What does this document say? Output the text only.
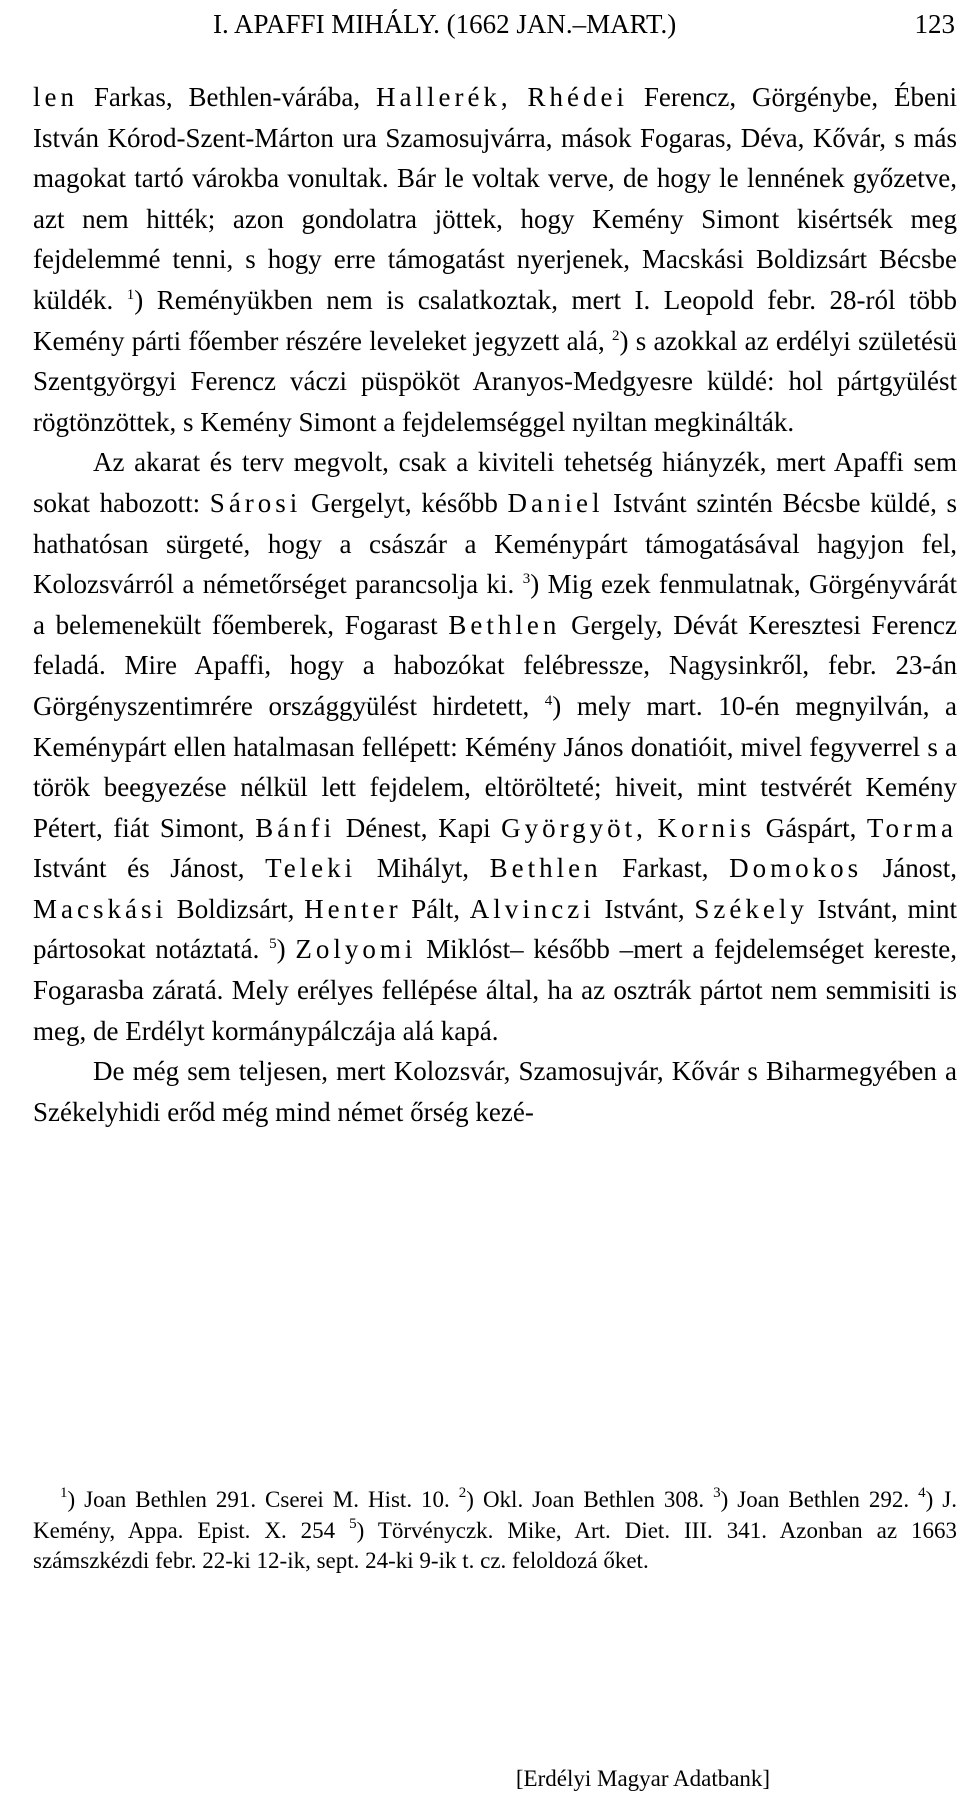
I. APAFFI MIHÁLY. (1662 JAN.–MART.)	123

len Farkas, Bethlen-várába, Hallerék, Rhédei Ferencz, Görgénybe, Ébeni István Kórod-Szent-Márton ura Szamosujvárra, mások Fogaras, Déva, Kővár, s más magokat tartó várokba vonultak. Bár le voltak verve, de hogy le lennének győzetve, azt nem hitték; azon gondolatra jöttek, hogy Kemény Simont kisértsék meg fejdelemmé tenni, s hogy erre támogatást nyerjenek, Macskási Boldizsárt Bécsbe küldék. $^1$) Reményükben nem is csalatkoztak, mert I. Leopold febr. 28-ról több Kemény párti főember részére leveleket jegyzett alá, $^2$) s azokkal az erdélyi születésü Szentgyörgyi Ferencz váczi püspököt Aranyos-Medgyesre küldé: hol pártgyülést rögtönzöttek, s Kemény Simont a fejdelemséggel nyiltan megkinálták.

Az akarat és terv megvolt, csak a kiviteli tehetség hiányzék, mert Apaffi sem sokat habozott: Sárosi Gergelyt, később Daniel Istvánt szintén Bécsbe küldé, s hathatósan sürgeté, hogy a császár a Keménypárt támogatásával hagyjon fel, Kolozsvárról a németőrséget parancsolja ki. $^3$) Mig ezek fenmulatnak, Görgényvárát a belemenekült főemberek, Fogarast Bethlen Gergely, Dévát Keresztesi Ferencz feladá. Mire Apaffi, hogy a habozókat felébressze, Nagysinkről, febr. 23-án Görgényszentimrére országgyülést hirdetett, $^4$) mely mart. 10-én megnyilván, a Keménypárt ellen hatalmasan fellépett: Kémény János donatióit, mivel fegyverrel s a török beegyezése nélkül lett fejdelem, eltörölteté; hiveit, mint testvérét Kemény Pétert, fiát Simont, Bánfi Dénest, Kapi Györgyöt, Kornis Gáspárt, Torma Istvánt és Jánost, Teleki Mihályt, Bethlen Farkast, Domokos Jánost, Macskási Boldizsárt, Henter Pált, Alvinczi Istvánt, Székely Istvánt, mint pártosokat notáztatá. $^5$) Zolyomi Miklóst– később –mert a fejdelemséget kereste, Fogarasba záratá. Mely erélyes fellépése által, ha az osztrák pártot nem semmisiti is meg, de Erdélyt kormánypálczája alá kapá.

De még sem teljesen, mert Kolozsvár, Szamosujvár, Kővár s Biharmegyében a Székelyhidi erőd még mind német őrség kezé-

$^1$) Joan Bethlen 291. Cserei M. Hist. 10. $^2$) Okl. Joan Bethlen 308. $^3$) Joan Bethlen 292. $^4$) J. Kemény, Appa. Epist. X. 254 $^5$) Törvényczk. Mike, Art. Diet. III. 341. Azonban az 1663 számszkézdi febr. 22-ki 12-ik, sept. 24-ki 9-ik t. cz. feloldozá őket.

[Erdélyi Magyar Adatbank]
